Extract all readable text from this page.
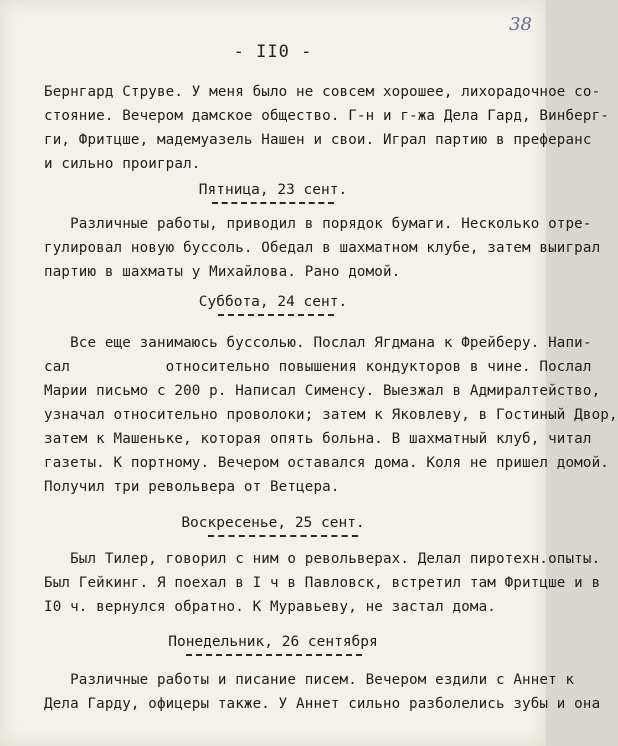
38
- II0 -
Бернгард Струве. У меня было не совсем хорошее, лихорадочное со-
стояние. Вечером дамское общество. Г-н и г-жа Дела Гард, Винберг-
ги, Фритцше, мадемуазель Нашен и свои. Играл партию в преферанс
и сильно проиграл.
Пятница, 23 сент.
Различные работы, приводил в порядок бумаги. Несколько отре-
гулировал новую буссоль. Обедал в шахматном клубе, затем выиграл
партию в шахматы у Михайлова. Рано домой.
Суббота, 24 сент.
Все еще занимаюсь буссолью. Послал Ягдмана к Фрейберу. Напи-
сал           относительно повышения кондукторов в чине. Послал
Марии письмо с 200 р. Написал Сименсу. Выезжал в Адмиралтейство,
узначал относительно проволоки; затем к Яковлеву, в Гостиный Двор,
затем к Машеньке, которая опять больна. В шахматный клуб, читал
газеты. К портному. Вечером оставался дома. Коля не пришел домой.
Получил три револьвера от Ветцера.
Воскресенье, 25 сент.
Был Тилер, говорил с ним о револьверах. Делал пиротехн.опыты.
Был Гейкинг. Я поехал в I ч в Павловск, встретил там Фритцше и в
I0 ч. вернулся обратно. К Муравьеву, не застал дома.
Понедельник, 26 сентября
Различные работы и писание писем. Вечером ездили с Аннет к
Дела Гарду, офицеры также. У Аннет сильно разболелись зубы и она
